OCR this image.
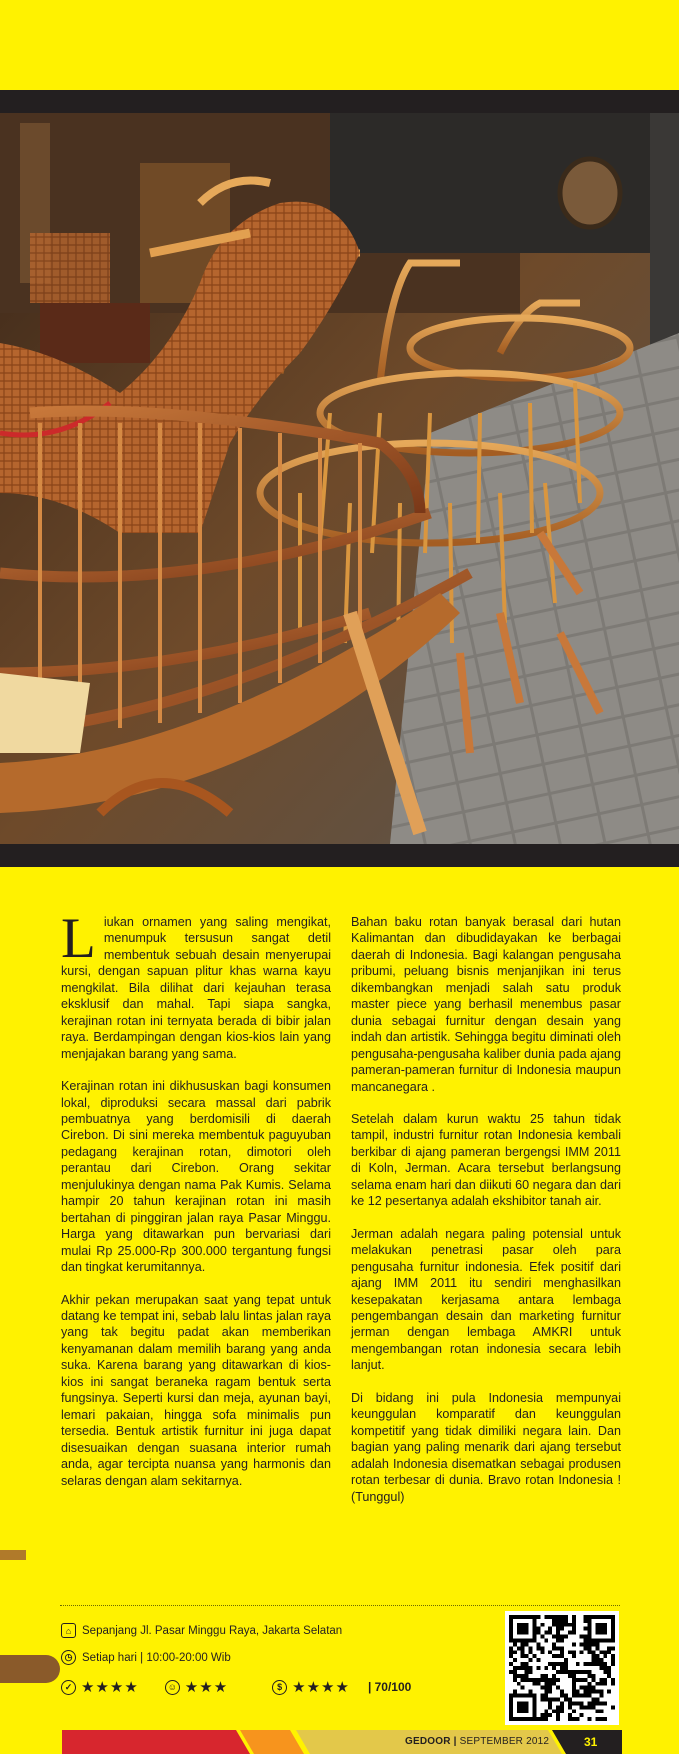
Liukan ornamen yang saling mengikat, menumpuk tersusun sangat detil membentuk sebuah desain menyerupai kursi, dengan sapuan plitur khas warna kayu mengkilat. Bila dilihat dari kejauhan terasa eksklusif dan mahal. Tapi siapa sangka, kerajinan rotan ini ternyata berada di bibir jalan raya. Berdampingan dengan kios-kios lain yang menjajakan barang yang sama.

Kerajinan rotan ini dikhususkan bagi konsumen lokal, diproduksi secara massal dari pabrik pembuatnya yang berdomisili di daerah Cirebon. Di sini mereka membentuk paguyuban pedagang kerajinan rotan, dimotori oleh perantau dari Cirebon. Orang sekitar menjulukinya dengan nama Pak Kumis. Selama hampir 20 tahun kerajinan rotan ini masih bertahan di pinggiran jalan raya Pasar Minggu. Harga yang ditawarkan pun bervariasi dari mulai Rp 25.000-Rp 300.000 tergantung fungsi dan tingkat kerumitannya.

Akhir pekan merupakan saat yang tepat untuk datang ke tempat ini, sebab lalu lintas jalan raya yang tak begitu padat akan memberikan kenyamanan dalam memilih barang yang anda suka. Karena barang yang ditawarkan di kios-kios ini sangat beraneka ragam bentuk serta fungsinya. Seperti kursi dan meja, ayunan bayi, lemari pakaian, hingga sofa minimalis pun tersedia. Bentuk artistik furnitur ini juga dapat disesuaikan dengan suasana interior rumah anda, agar tercipta nuansa yang harmonis dan selaras dengan alam sekitarnya.

Bahan baku rotan banyak berasal dari hutan Kalimantan dan dibudidayakan ke berbagai daerah di Indonesia. Bagi kalangan pengusaha pribumi, peluang bisnis menjanjikan ini terus dikembangkan menjadi salah satu produk master piece yang berhasil menembus pasar dunia sebagai furnitur dengan desain yang indah dan artistik. Sehingga begitu diminati oleh pengusaha-pengusaha kaliber dunia pada ajang pameran-pameran furnitur di Indonesia maupun mancanegara .

Setelah dalam kurun waktu 25 tahun tidak tampil, industri furnitur rotan Indonesia kembali berkibar di ajang pameran bergengsi IMM 2011 di Koln, Jerman. Acara tersebut berlangsung selama enam hari dan diikuti 60 negara dan dari ke 12 pesertanya adalah ekshibitor tanah air.

Jerman adalah negara paling potensial untuk melakukan penetrasi pasar oleh para pengusaha furnitur indonesia. Efek positif dari ajang IMM 2011 itu sendiri menghasilkan kesepakatan kerjasama antara lembaga pengembangan desain dan marketing furnitur jerman dengan lembaga AMKRI untuk mengembangan rotan indonesia secara lebih lanjut.

Di bidang ini pula Indonesia mempunyai keunggulan komparatif dan keunggulan kompetitif yang tidak dimiliki negara lain. Dan bagian yang paling menarik dari ajang tersebut adalah Indonesia disematkan sebagai produsen rotan terbesar di dunia. Bravo rotan Indonesia ! (Tunggul)

⌂ Sepanjang Jl. Pasar Minggu Raya, Jakarta Selatan
◷ Setiap hari | 10:00-20:00 Wib
✓ ★★★★	☺ ★★★	$ ★★★★ | 70/100
GEDOOR | SEPTEMBER 2012	31
